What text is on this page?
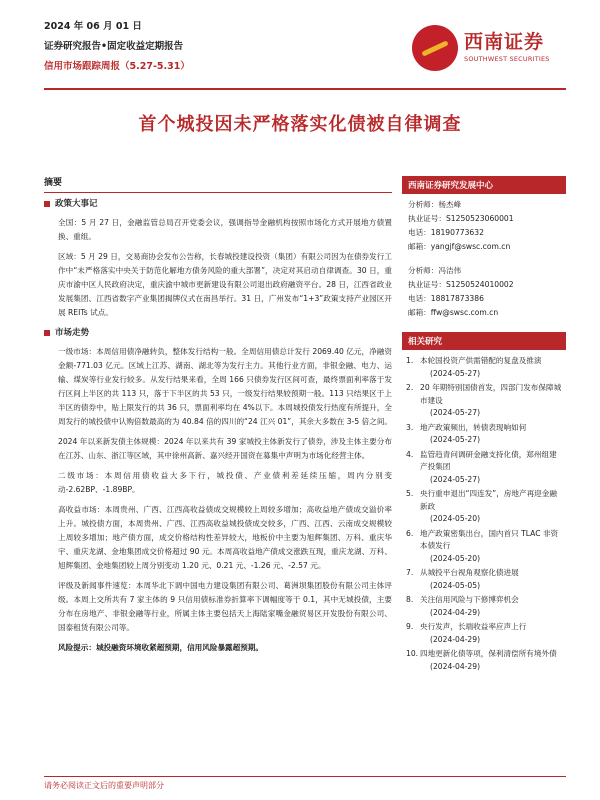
2024 年 06 月 01 日
证券研究报告•固定收益定期报告
信用市场跟踪周报（5.27-5.31）
西南证券
SOUTHWEST SECURITIES
首个城投因未严格落实化债被自律调查
摘要
政策大事记
全国：5 月 27 日，金融监管总局召开党委会议，强调指导金融机构按照市场化方式开展地方债置换、重组。
区域：5 月 29 日，交易商协会发布公告称，长春城投建设投资（集团）有限公司因为在债券发行工作中“未严格落实中央关于防范化解地方债务风险的重大部署”，决定对其启动自律调查。30 日，重庆市渝中区人民政府决定，重庆渝中城市更新建设有限公司退出政府融资平台。28 日，江西省政业发展集团、江西省数字产业集团揭牌仪式在南昌举行。31 日，广州发布“1+3”政策支持产业园区开展 REITs 试点。
市场走势
一级市场：本周信用债净融转负，整体发行结构一般。全周信用债总计发行 2069.40 亿元，净融资金额-771.03 亿元。区域上江苏、湖南、湖北等为发行主力。其他行业方面，非银金融、电力、运输、煤炭等行业发行较多。从发行结果来看，全周 166 只债券发行区间可查，最终票面利率落于发行区间上半区的共 113 只，落于下半区的共 53 只，一级发行结果较预期一般。113 只结果区于上半区的债券中，贴上限发行的共 36 只，票面利率均在 4%以下。本周城投债发行热度有所提升，全周发行的城投债中认购倍数最高的为 40.84 倍的四川的“24 江兴 01”，其余大多数在 3-5 倍之间。
2024 年以来新发债主体规模：2024 年以来共有 39 家城投主体新发行了债券，涉及主体主要分布在江苏、山东、浙江等区域，其中徐州高新、嘉兴经开国资在募集中声明为市场化经营主体。
二级市场：本周信用债收益大多下行，城投债、产业债利差延续压缩，周内分别变动-2.62BP、-1.89BP。
高收益市场：本周贵州、广西、江西高收益债成交规模较上周较多增加；高收益地产债成交溢价率上升。城投债方面，本周贵州、广西、江西高收益城投债成交较多，广西、江西、云南成交规模较上周较多增加；地产债方面，成交价格结构性差异较大，地板价中主要为旭辉集团、万科、重庆华宇、重庆龙湖、金地集团成交价格超过 90 元。本周高收益地产债成交涨跌互现，重庆龙湖、万科、旭辉集团、金地集团较上周分别变动 1.20 元、0.21 元、-1.26 元、-2.57 元。
评级及新闻事件速览：本周华北下调中国电力建设集团有限公司、葛洲坝集团股份有限公司主体评级。本周上交所共有 7 家主体的 9 只信用债标准券折算率下调幅度等于 0.1，其中无城投债，主要分布在房地产、非银金融等行业，所属主体主要包括天上海陆家嘴金融贸易区开发股份有限公司、国泰租赁有限公司等。
风险提示：城投融资环境收紧超预期，信用风险暴露超预期。
西南证券研究发展中心
分析师：杨杰峰
执业证号：S1250523060001
电话：18190773632
邮箱：yangjf@swsc.com.cn
分析师：冯洁伟
执业证号：S1250524010002
电话：18817873386
邮箱：ffw@swsc.com.cn
相关研究
1. 本轮国投资产供需错配的复盘及推演
(2024-05-27)
2. 20 年期特别国债首发，四部门发布保障城市建设
(2024-05-27)
3. 地产政策频出，转债表现响如何
(2024-05-27)
4. 监管趋青问调研金融支持化债，郑州组建产投集团
(2024-05-27)
5. 央行重申退出“四连发”，房地产再迎金融新政
(2024-05-20)
6. 地产政策密集出台，国内首只 TLAC 非资本债发行
(2024-05-20)
7. 从城投平台视角观察化债进展
(2024-05-05)
8. 关注信用风险与下修博弈机会
(2024-04-29)
9. 央行发声，长端收益率应声上行
(2024-04-29)
10. 四地更新化债等项，保利清偿所有境外债
(2024-04-29)
请务必阅读正文后的重要声明部分
